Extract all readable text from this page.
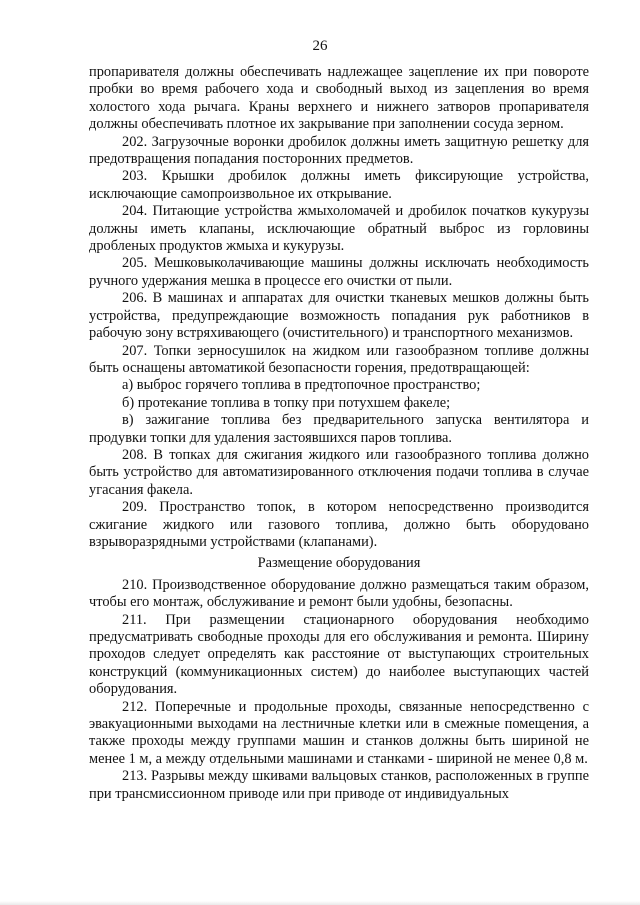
26

пропаривателя должны обеспечивать надлежащее зацепление их при повороте пробки во время рабочего хода и свободный выход из зацепления во время холостого хода рычага. Краны верхнего и нижнего затворов пропаривателя должны обеспечивать плотное их закрывание при заполнении сосуда зерном.

202. Загрузочные воронки дробилок должны иметь защитную решетку для предотвращения попадания посторонних предметов.

203. Крышки дробилок должны иметь фиксирующие устройства, исключающие самопроизвольное их открывание.

204. Питающие устройства жмыхоломачей и дробилок початков кукурузы должны иметь клапаны, исключающие обратный выброс из горловины дробленых продуктов жмыха и кукурузы.

205. Мешковыколачивающие машины должны исключать необходимость ручного удержания мешка в процессе его очистки от пыли.

206. В машинах и аппаратах для очистки тканевых мешков должны быть устройства, предупреждающие возможность попадания рук работников в рабочую зону встряхивающего (очистительного) и транспортного механизмов.

207. Топки зерносушилок на жидком или газообразном топливе должны быть оснащены автоматикой безопасности горения, предотвращающей:

а) выброс горячего топлива в предтопочное пространство;

б) протекание топлива в топку при потухшем факеле;

в) зажигание топлива без предварительного запуска вентилятора и продувки топки для удаления застоявшихся паров топлива.

208. В топках для сжигания жидкого или газообразного топлива должно быть устройство для автоматизированного отключения подачи топлива в случае угасания факела.

209. Пространство топок, в котором непосредственно производится сжигание жидкого или газового топлива, должно быть оборудовано взрыворазрядными устройствами (клапанами).

Размещение оборудования

210. Производственное оборудование должно размещаться таким образом, чтобы его монтаж, обслуживание и ремонт были удобны, безопасны.

211. При размещении стационарного оборудования необходимо предусматривать свободные проходы для его обслуживания и ремонта. Ширину проходов следует определять как расстояние от выступающих строительных конструкций (коммуникационных систем) до наиболее выступающих частей оборудования.

212. Поперечные и продольные проходы, связанные непосредственно с эвакуационными выходами на лестничные клетки или в смежные помещения, а также проходы между группами машин и станков должны быть шириной не менее 1 м, а между отдельными машинами и станками - шириной не менее 0,8 м.

213. Разрывы между шкивами вальцовых станков, расположенных в группе при трансмиссионном приводе или при приводе от индивидуальных
